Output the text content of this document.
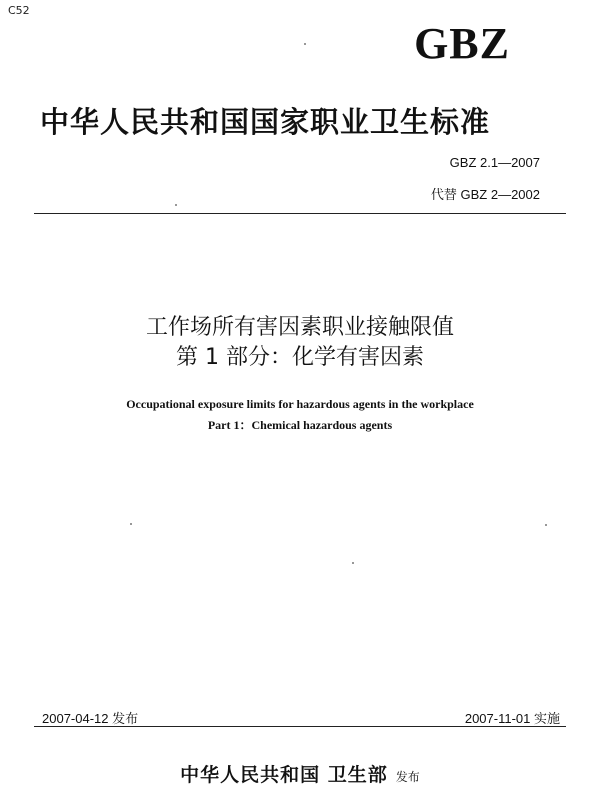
C52
GBZ
中华人民共和国国家职业卫生标准
GBZ 2.1—2007
代替 GBZ 2—2002
工作场所有害因素职业接触限值
第 1 部分：化学有害因素
Occupational exposure limits for hazardous agents in the workplace
Part 1：Chemical hazardous agents
2007-04-12 发布	2007-11-01 实施
中华人民共和国 卫生部 发布
